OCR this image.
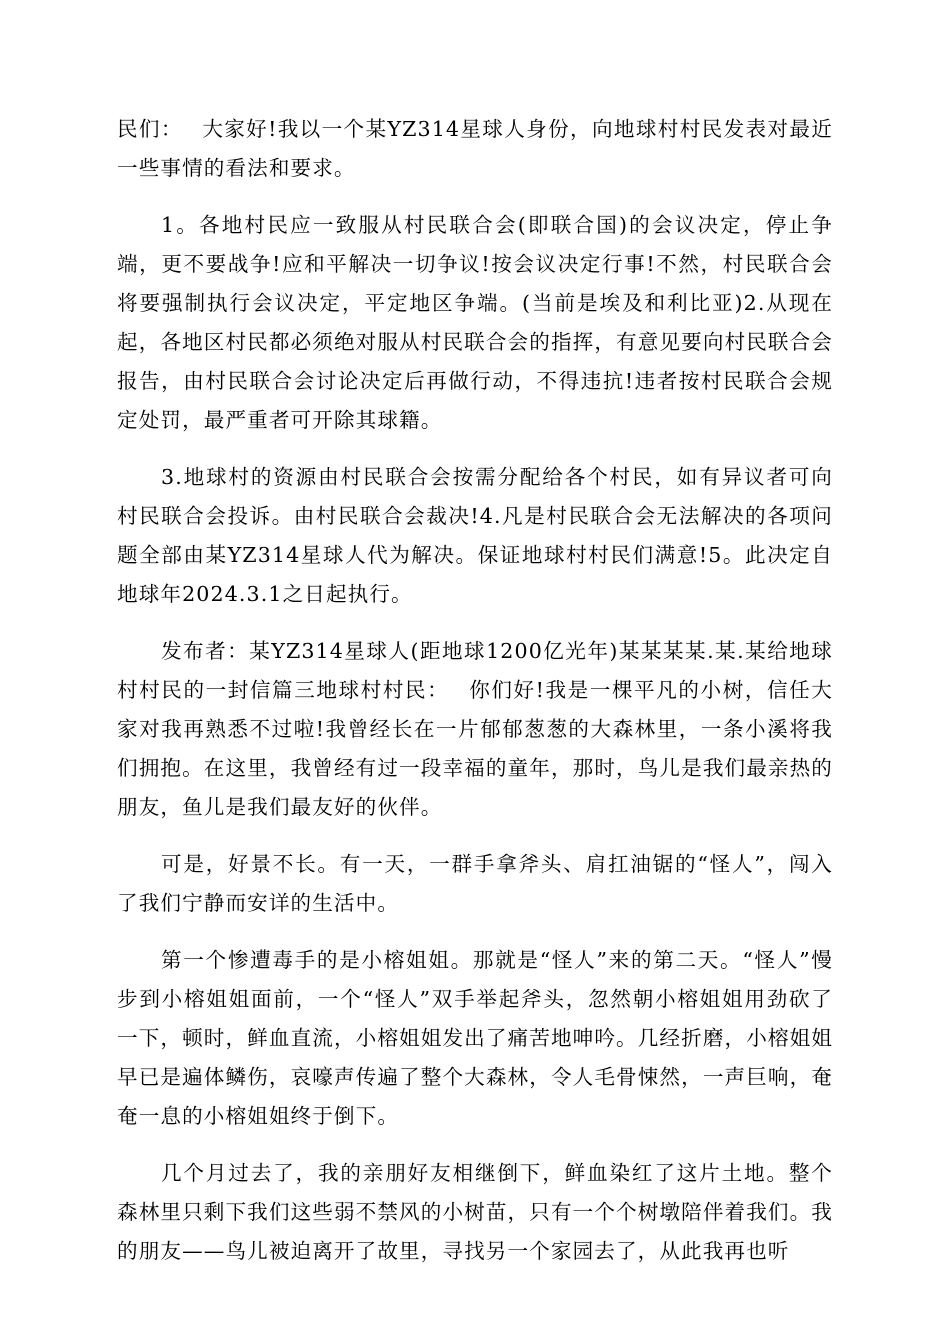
民们：　 大家好!我以一个某YZ314星球人身份，向地球村村民发表对最近一些事情的看法和要求。

1。各地村民应一致服从村民联合会(即联合国)的会议决定，停止争端，更不要战争!应和平解决一切争议!按会议决定行事!不然，村民联合会将要强制执行会议决定，平定地区争端。(当前是埃及和利比亚)2.从现在起，各地区村民都必须绝对服从村民联合会的指挥，有意见要向村民联合会报告，由村民联合会讨论决定后再做行动，不得违抗!违者按村民联合会规定处罚，最严重者可开除其球籍。

3.地球村的资源由村民联合会按需分配给各个村民，如有异议者可向村民联合会投诉。由村民联合会裁决!4.凡是村民联合会无法解决的各项问题全部由某YZ314星球人代为解决。保证地球村村民们满意!5。此决定自地球年2024.3.1之日起执行。

发布者：某YZ314星球人(距地球1200亿光年)某某某某.某.某给地球村村民的一封信篇三地球村村民：　 你们好!我是一棵平凡的小树，信任大家对我再熟悉不过啦!我曾经长在一片郁郁葱葱的大森林里，一条小溪将我们拥抱。在这里，我曾经有过一段幸福的童年，那时，鸟儿是我们最亲热的朋友，鱼儿是我们最友好的伙伴。

可是，好景不长。有一天，一群手拿斧头、肩扛油锯的“怪人”，闯入了我们宁静而安详的生活中。

第一个惨遭毒手的是小榕姐姐。那就是“怪人”来的第二天。“怪人”慢步到小榕姐姐面前，一个“怪人”双手举起斧头，忽然朝小榕姐姐用劲砍了一下，顿时，鲜血直流，小榕姐姐发出了痛苦地呻吟。几经折磨，小榕姐姐早已是遍体鳞伤，哀嚎声传遍了整个大森林，令人毛骨悚然，一声巨响，奄奄一息的小榕姐姐终于倒下。

几个月过去了，我的亲朋好友相继倒下，鲜血染红了这片土地。整个森林里只剩下我们这些弱不禁风的小树苗，只有一个个树墩陪伴着我们。我的朋友——鸟儿被迫离开了故里，寻找另一个家园去了，从此我再也听
